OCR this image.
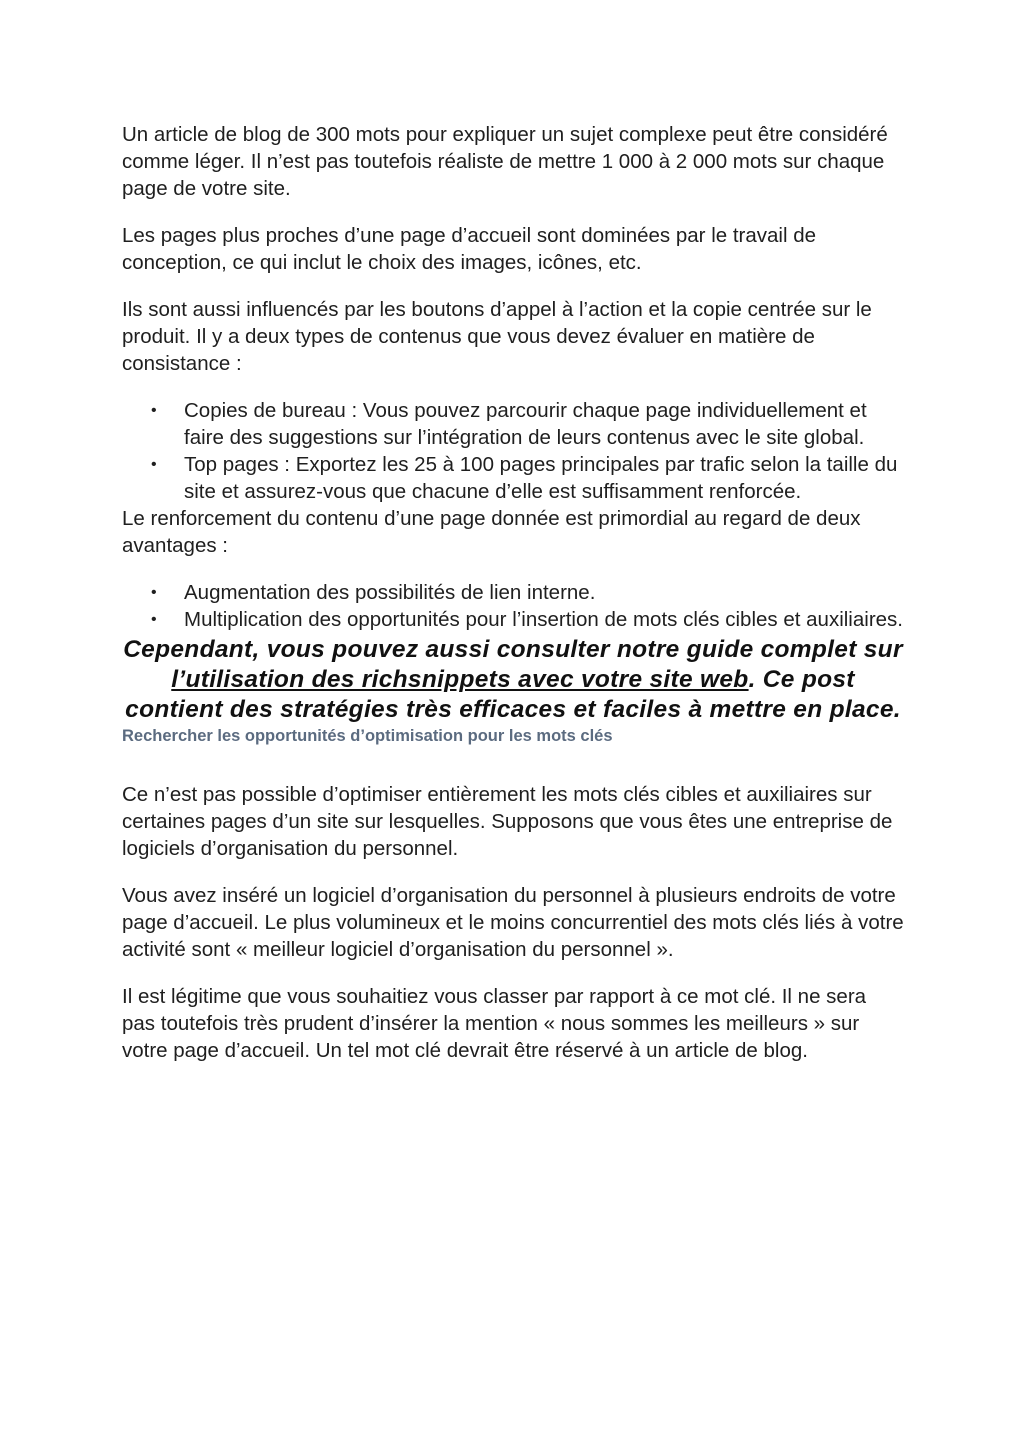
Un article de blog de 300 mots pour expliquer un sujet complexe peut être considéré comme léger. Il n’est pas toutefois réaliste de mettre 1 000 à 2 000 mots sur chaque page de votre site.

Les pages plus proches d’une page d’accueil sont dominées par le travail de conception, ce qui inclut le choix des images, icônes, etc.

Ils sont aussi influencés par les boutons d’appel à l’action et la copie centrée sur le produit. Il y a deux types de contenus que vous devez évaluer en matière de consistance :

• Copies de bureau : Vous pouvez parcourir chaque page individuellement et faire des suggestions sur l’intégration de leurs contenus avec le site global.
• Top pages : Exportez les 25 à 100 pages principales par trafic selon la taille du site et assurez-vous que chacune d’elle est suffisamment renforcée.

Le renforcement du contenu d’une page donnée est primordial au regard de deux avantages :

• Augmentation des possibilités de lien interne.
• Multiplication des opportunités pour l’insertion de mots clés cibles et auxiliaires.

Cependant, vous pouvez aussi consulter notre guide complet sur l’utilisation des richsnippets avec votre site web. Ce post contient des stratégies très efficaces et faciles à mettre en place.

Rechercher les opportunités d’optimisation pour les mots clés

Ce n’est pas possible d’optimiser entièrement les mots clés cibles et auxiliaires sur certaines pages d’un site sur lesquelles. Supposons que vous êtes une entreprise de logiciels d’organisation du personnel.

Vous avez inséré un logiciel d’organisation du personnel à plusieurs endroits de votre page d’accueil. Le plus volumineux et le moins concurrentiel des mots clés liés à votre activité sont « meilleur logiciel d’organisation du personnel ».

Il est légitime que vous souhaitiez vous classer par rapport à ce mot clé. Il ne sera pas toutefois très prudent d’insérer la mention « nous sommes les meilleurs » sur votre page d’accueil. Un tel mot clé devrait être réservé à un article de blog.
